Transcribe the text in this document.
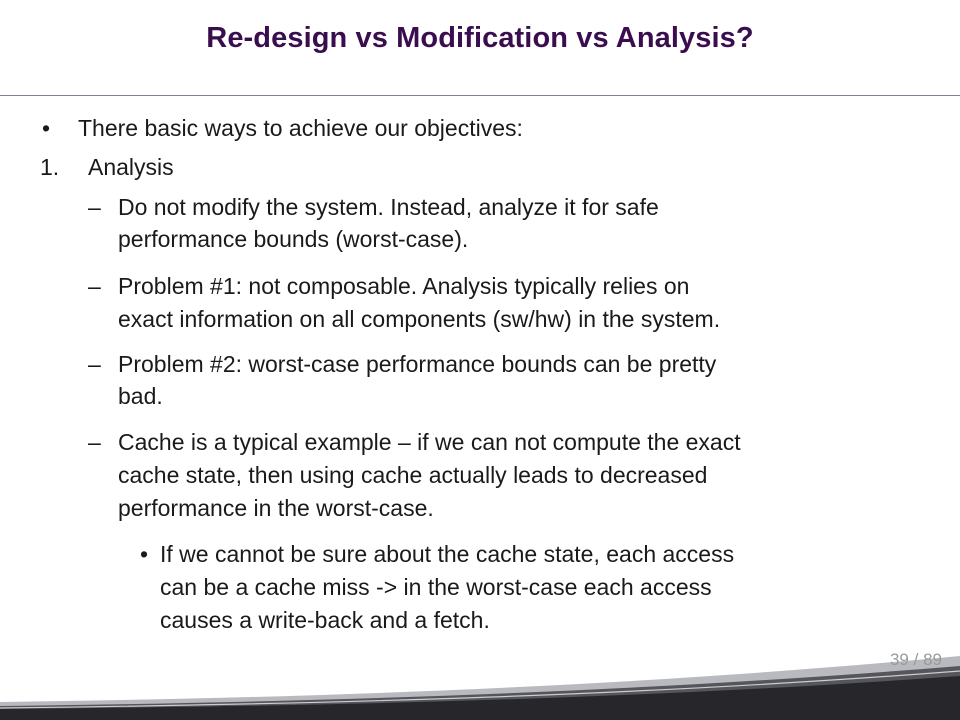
Re-design vs Modification vs Analysis?
• There basic ways to achieve our objectives:
1. Analysis
– Do not modify the system. Instead, analyze it for safe
performance bounds (worst-case).
– Problem #1: not composable. Analysis typically relies on
exact information on all components (sw/hw) in the system.
– Problem #2: worst-case performance bounds can be pretty
bad.
– Cache is a typical example – if we can not compute the exact
cache state, then using cache actually leads to decreased
performance in the worst-case.
• If we cannot be sure about the cache state, each access
can be a cache miss -> in the worst-case each access
causes a write-back and a fetch.
39 / 89
